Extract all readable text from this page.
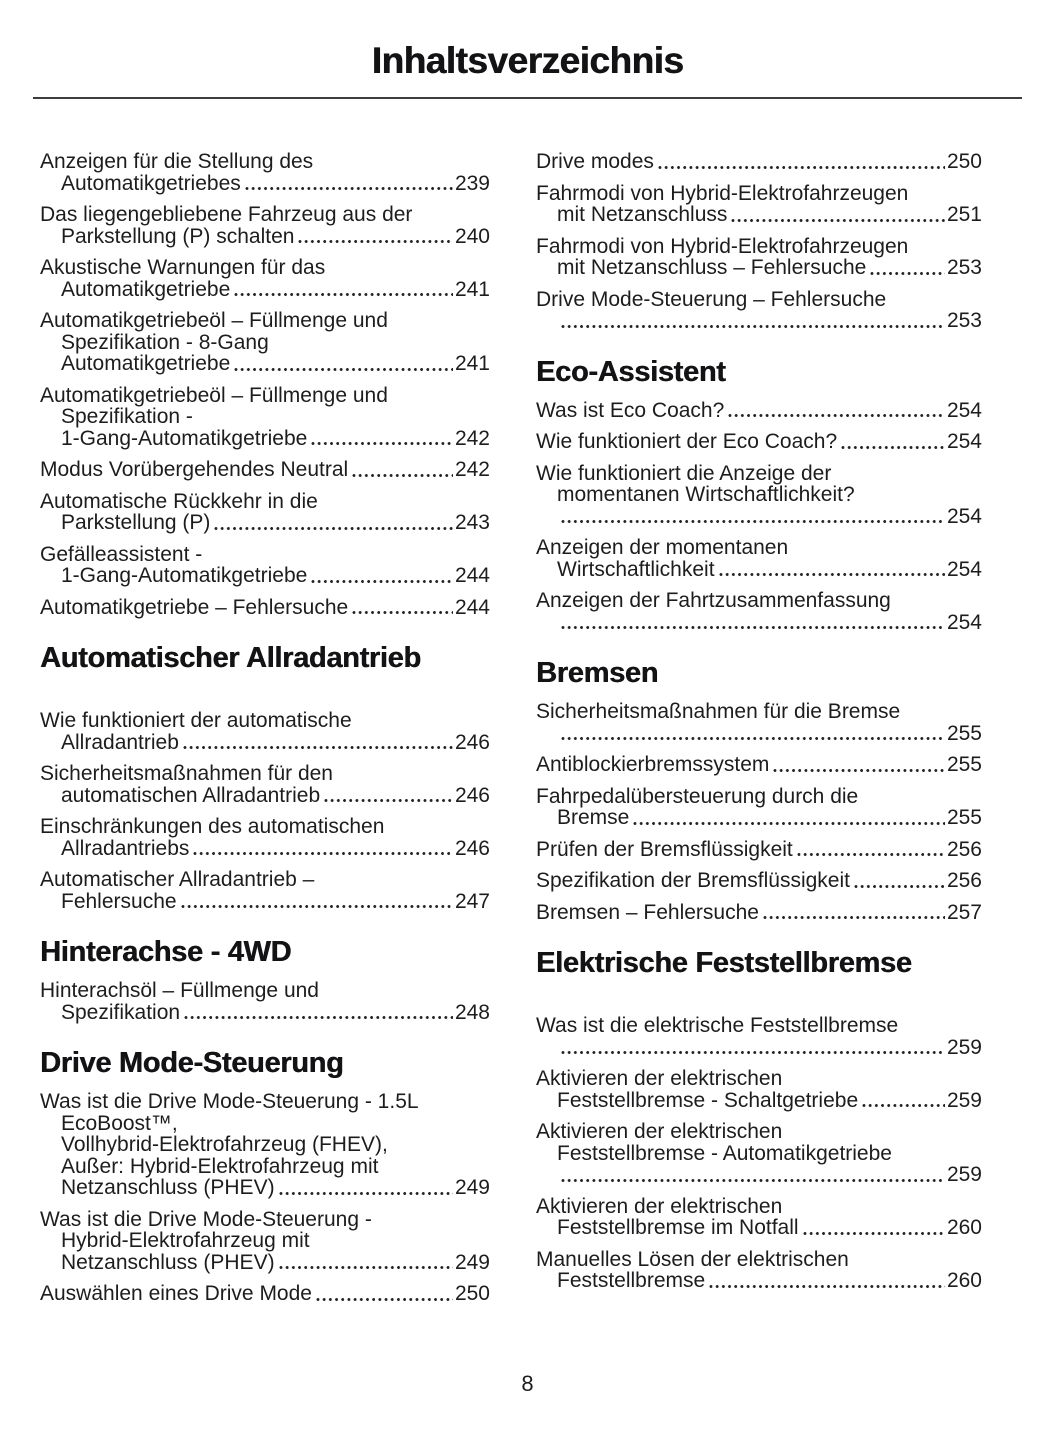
Inhaltsverzeichnis
Anzeigen für die Stellung des
Automatikgetriebes	239
Das liegengebliebene Fahrzeug aus der
Parkstellung (P) schalten	240
Akustische Warnungen für das
Automatikgetriebe	241
Automatikgetriebeöl – Füllmenge und
Spezifikation - 8-Gang
Automatikgetriebe	241
Automatikgetriebeöl – Füllmenge und
Spezifikation -
1-Gang-Automatikgetriebe	242
Modus Vorübergehendes Neutral	242
Automatische Rückkehr in die
Parkstellung (P)	243
Gefälleassistent -
1-Gang-Automatikgetriebe	244
Automatikgetriebe – Fehlersuche	244
Automatischer Allradantrieb
Wie funktioniert der automatische
Allradantrieb	246
Sicherheitsmaßnahmen für den
automatischen Allradantrieb	246
Einschränkungen des automatischen
Allradantriebs	246
Automatischer Allradantrieb –
Fehlersuche	247
Hinterachse - 4WD
Hinterachsöl – Füllmenge und
Spezifikation	248
Drive Mode-Steuerung
Was ist die Drive Mode-Steuerung - 1.5L
EcoBoost™,
Vollhybrid-Elektrofahrzeug (FHEV),
Außer: Hybrid-Elektrofahrzeug mit
Netzanschluss (PHEV)	249
Was ist die Drive Mode-Steuerung -
Hybrid-Elektrofahrzeug mit
Netzanschluss (PHEV)	249
Auswählen eines Drive Mode	250
Drive modes	250
Fahrmodi von Hybrid-Elektrofahrzeugen
mit Netzanschluss	251
Fahrmodi von Hybrid-Elektrofahrzeugen
mit Netzanschluss – Fehlersuche	253
Drive Mode-Steuerung – Fehlersuche
253
Eco-Assistent
Was ist Eco Coach?	254
Wie funktioniert der Eco Coach?	254
Wie funktioniert die Anzeige der
momentanen Wirtschaftlichkeit?
254
Anzeigen der momentanen
Wirtschaftlichkeit	254
Anzeigen der Fahrtzusammenfassung
254
Bremsen
Sicherheitsmaßnahmen für die Bremse
255
Antiblockierbremssystem	255
Fahrpedalübersteuerung durch die
Bremse	255
Prüfen der Bremsflüssigkeit	256
Spezifikation der Bremsflüssigkeit	256
Bremsen – Fehlersuche	257
Elektrische Feststellbremse
Was ist die elektrische Feststellbremse
259
Aktivieren der elektrischen
Feststellbremse - Schaltgetriebe	259
Aktivieren der elektrischen
Feststellbremse - Automatikgetriebe
259
Aktivieren der elektrischen
Feststellbremse im Notfall	260
Manuelles Lösen der elektrischen
Feststellbremse	260
8
